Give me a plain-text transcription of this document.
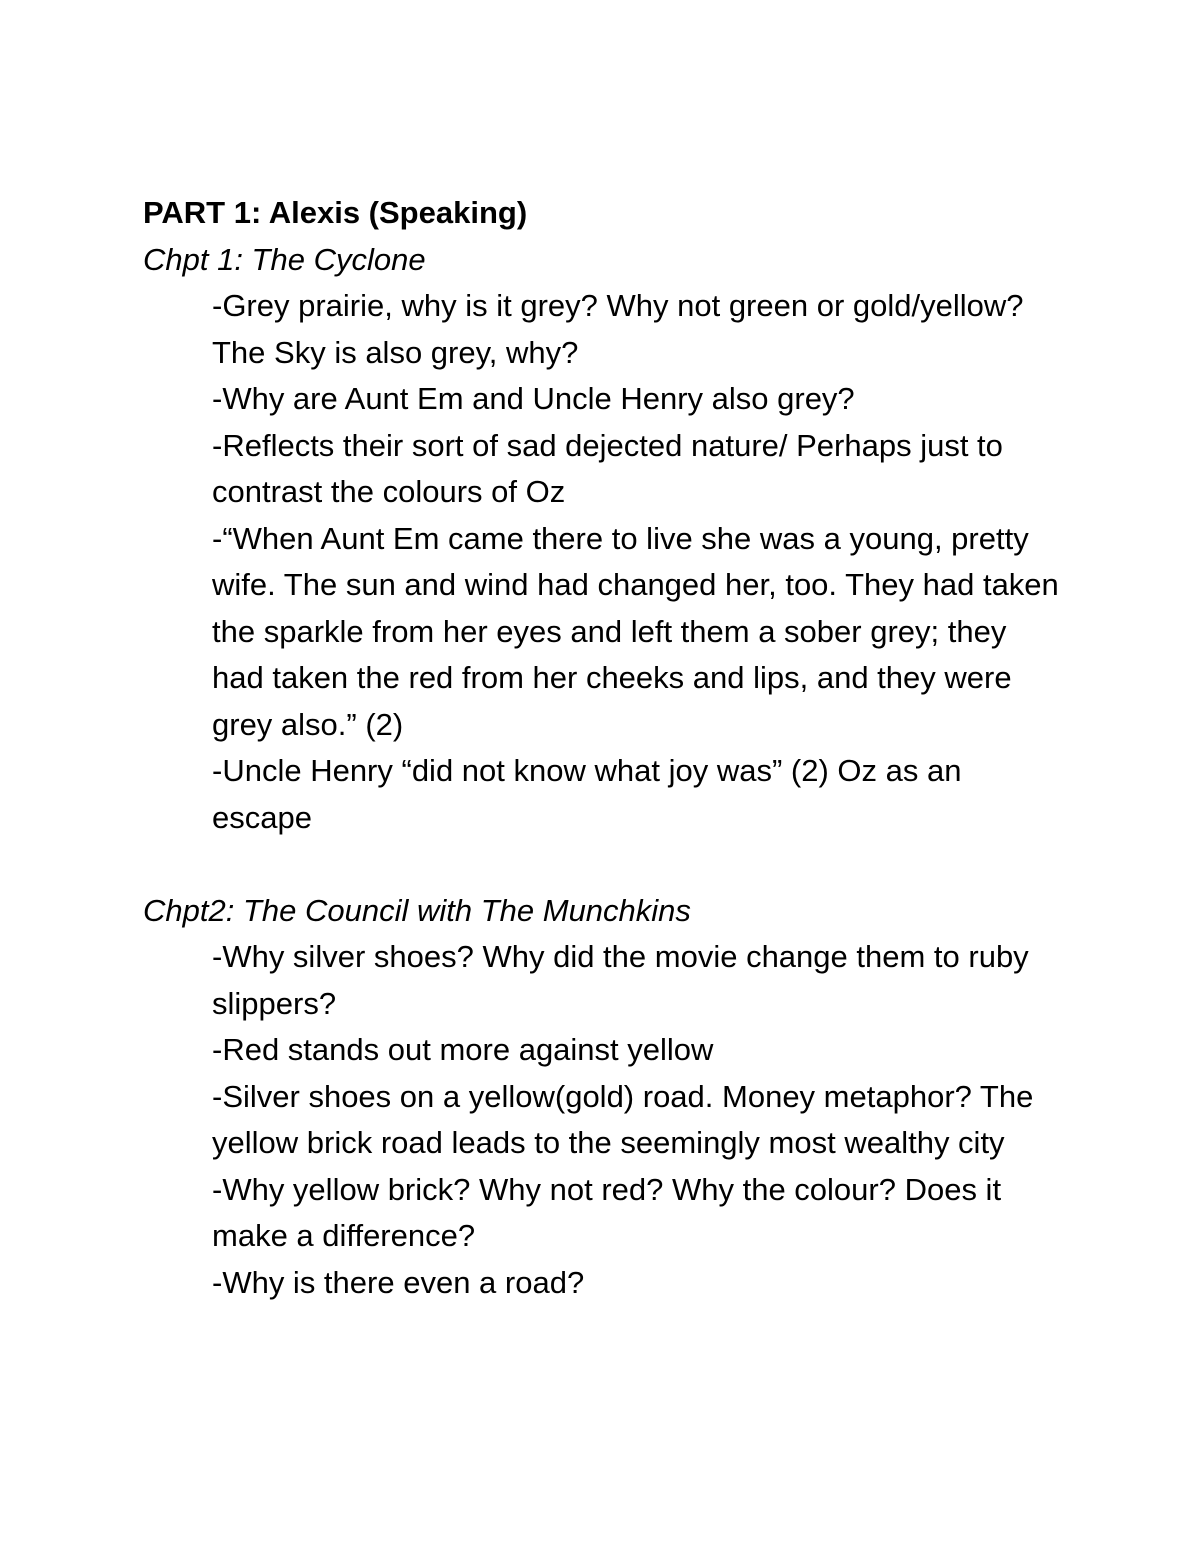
PART 1: Alexis (Speaking)

Chpt 1: The Cyclone

-Grey prairie, why is it grey? Why not green or gold/yellow? The Sky is also grey, why?
-Why are Aunt Em and Uncle Henry also grey?
-Reflects their sort of sad dejected nature/ Perhaps just to contrast the colours of Oz
-“When Aunt Em came there to live she was a young, pretty wife. The sun and wind had changed her, too. They had taken the sparkle from her eyes and left them a sober grey; they had taken the red from her cheeks and lips, and they were grey also.” (2)
-Uncle Henry “did not know what joy was” (2) Oz as an escape

Chpt2: The Council with The Munchkins

-Why silver shoes? Why did the movie change them to ruby slippers?
-Red stands out more against yellow
-Silver shoes on a yellow(gold) road. Money metaphor? The yellow brick road leads to the seemingly most wealthy city
-Why yellow brick? Why not red? Why the colour? Does it make a difference?
-Why is there even a road?
